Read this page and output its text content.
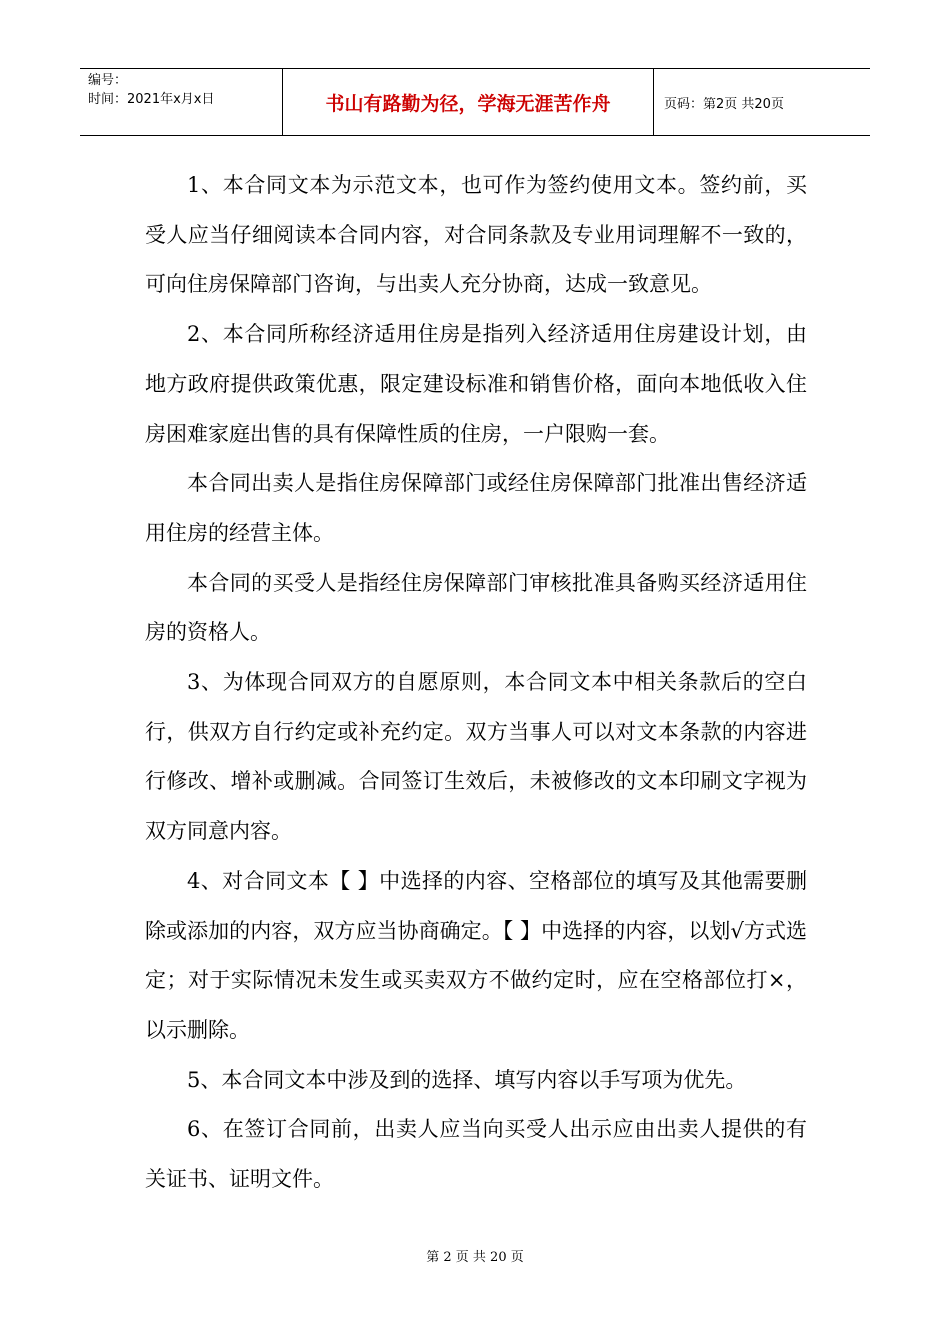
编号：
时间：2021年x月x日	书山有路勤为径，学海无涯苦作舟	页码：第2页 共20页

1、本合同文本为示范文本，也可作为签约使用文本。签约前，买受人应当仔细阅读本合同内容，对合同条款及专业用词理解不一致的，可向住房保障部门咨询，与出卖人充分协商，达成一致意见。

2、本合同所称经济适用住房是指列入经济适用住房建设计划，由地方政府提供政策优惠，限定建设标准和销售价格，面向本地低收入住房困难家庭出售的具有保障性质的住房，一户限购一套。

本合同出卖人是指住房保障部门或经住房保障部门批准出售经济适用住房的经营主体。

本合同的买受人是指经住房保障部门审核批准具备购买经济适用住房的资格人。

3、为体现合同双方的自愿原则，本合同文本中相关条款后的空白行，供双方自行约定或补充约定。双方当事人可以对文本条款的内容进行修改、增补或删减。合同签订生效后，未被修改的文本印刷文字视为双方同意内容。

4、对合同文本【 】中选择的内容、空格部位的填写及其他需要删除或添加的内容，双方应当协商确定。【 】中选择的内容，以划√方式选定；对于实际情况未发生或买卖双方不做约定时，应在空格部位打×，以示删除。

5、本合同文本中涉及到的选择、填写内容以手写项为优先。

6、在签订合同前，出卖人应当向买受人出示应由出卖人提供的有关证书、证明文件。

第 2 页 共 20 页
